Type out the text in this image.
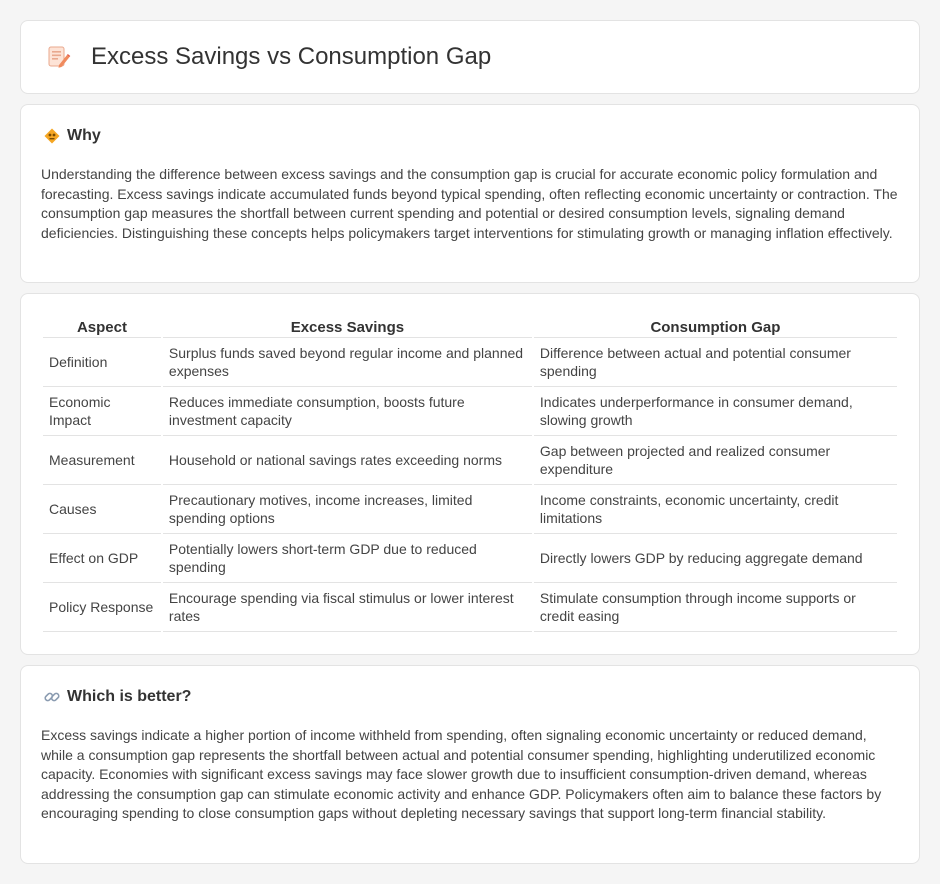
Excess Savings vs Consumption Gap
Why

Understanding the difference between excess savings and the consumption gap is crucial for accurate economic policy formulation and forecasting. Excess savings indicate accumulated funds beyond typical spending, often reflecting economic uncertainty or contraction. The consumption gap measures the shortfall between current spending and potential or desired consumption levels, signaling demand deficiencies. Distinguishing these concepts helps policymakers target interventions for stimulating growth or managing inflation effectively.

Aspect	Excess Savings	Consumption Gap
Definition	Surplus funds saved beyond regular income and planned expenses	Difference between actual and potential consumer spending
Economic Impact	Reduces immediate consumption, boosts future investment capacity	Indicates underperformance in consumer demand, slowing growth
Measurement	Household or national savings rates exceeding norms	Gap between projected and realized consumer expenditure
Causes	Precautionary motives, income increases, limited spending options	Income constraints, economic uncertainty, credit limitations
Effect on GDP	Potentially lowers short-term GDP due to reduced spending	Directly lowers GDP by reducing aggregate demand
Policy Response	Encourage spending via fiscal stimulus or lower interest rates	Stimulate consumption through income supports or credit easing
Which is better?

Excess savings indicate a higher portion of income withheld from spending, often signaling economic uncertainty or reduced demand, while a consumption gap represents the shortfall between actual and potential consumer spending, highlighting underutilized economic capacity. Economies with significant excess savings may face slower growth due to insufficient consumption-driven demand, whereas addressing the consumption gap can stimulate economic activity and enhance GDP. Policymakers often aim to balance these factors by encouraging spending to close consumption gaps without depleting necessary savings that support long-term financial stability.
